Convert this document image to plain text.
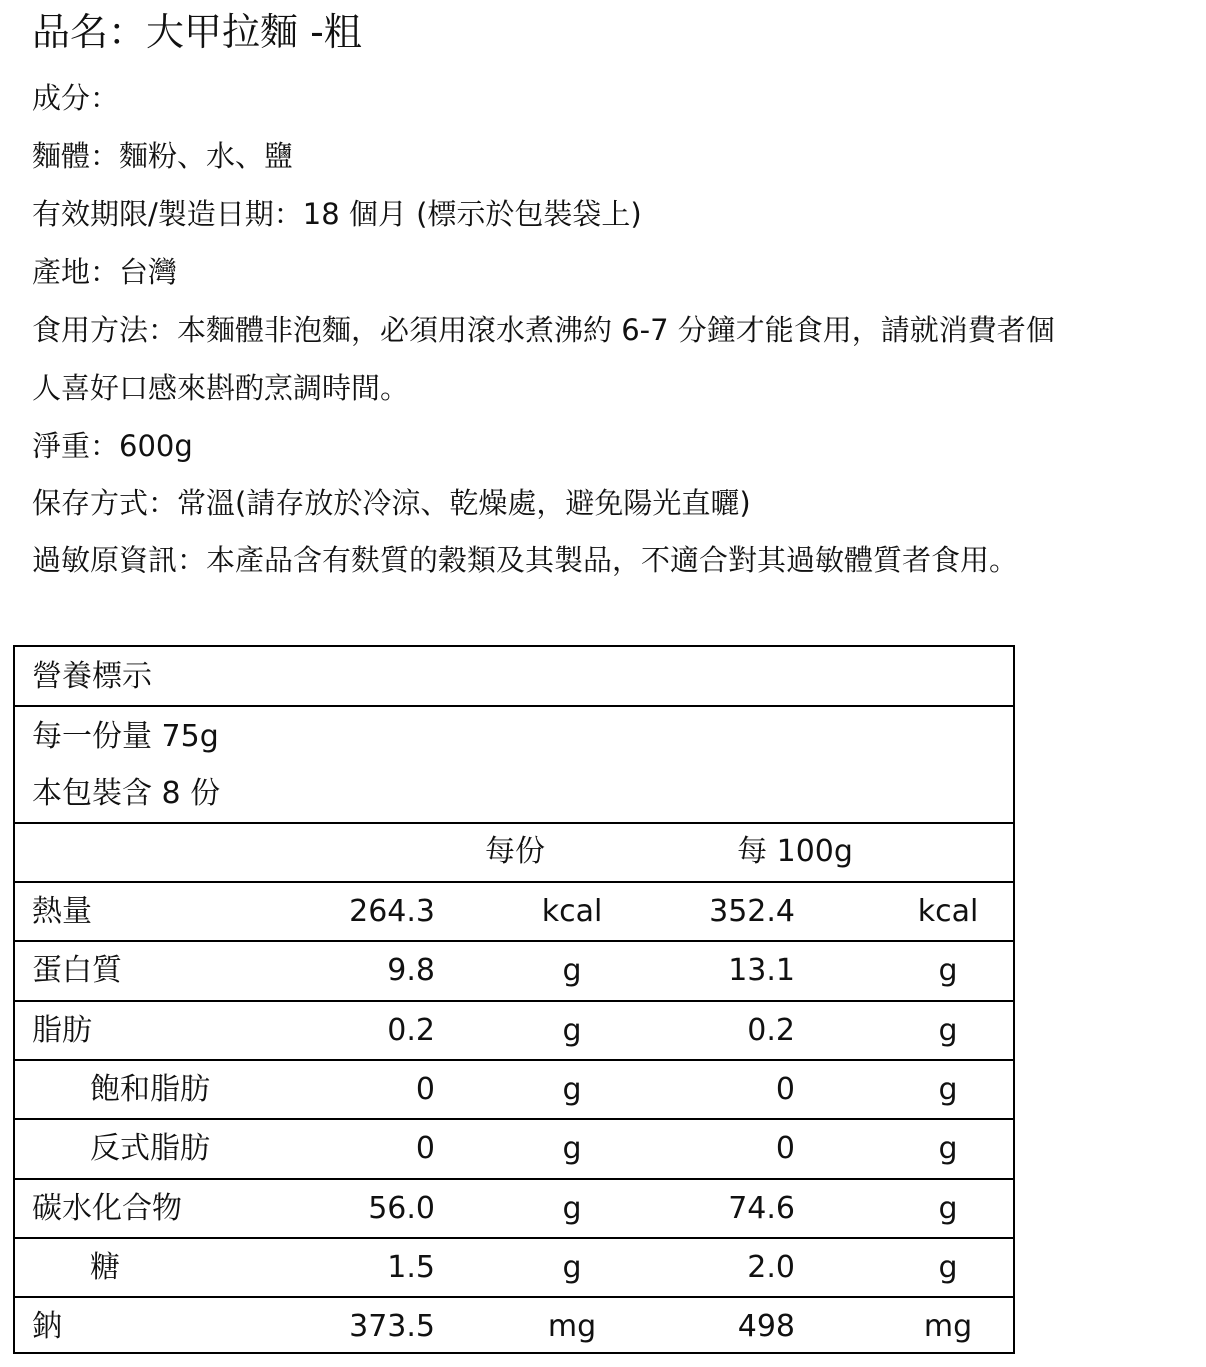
品名：大甲拉麵 -粗
成分：
麵體：麵粉、水、鹽
有效期限/製造日期：18 個月 (標示於包裝袋上)
產地：台灣
食用方法：本麵體非泡麵，必須用滾水煮沸約 6-7 分鐘才能食用，請就消費者個
人喜好口感來斟酌烹調時間。
淨重：600g
保存方式：常溫(請存放於冷涼、乾燥處，避免陽光直曬)
過敏原資訊：本產品含有麩質的穀類及其製品，不適合對其過敏體質者食用。
營養標示
每一份量 75g
本包裝含 8 份
每份	每 100g
熱量	264.3	kcal	352.4	kcal
蛋白質	9.8	g	13.1	g
脂肪	0.2	g	0.2	g
飽和脂肪	0	g	0	g
反式脂肪	0	g	0	g
碳水化合物	56.0	g	74.6	g
糖	1.5	g	2.0	g
鈉	373.5	mg	498	mg
